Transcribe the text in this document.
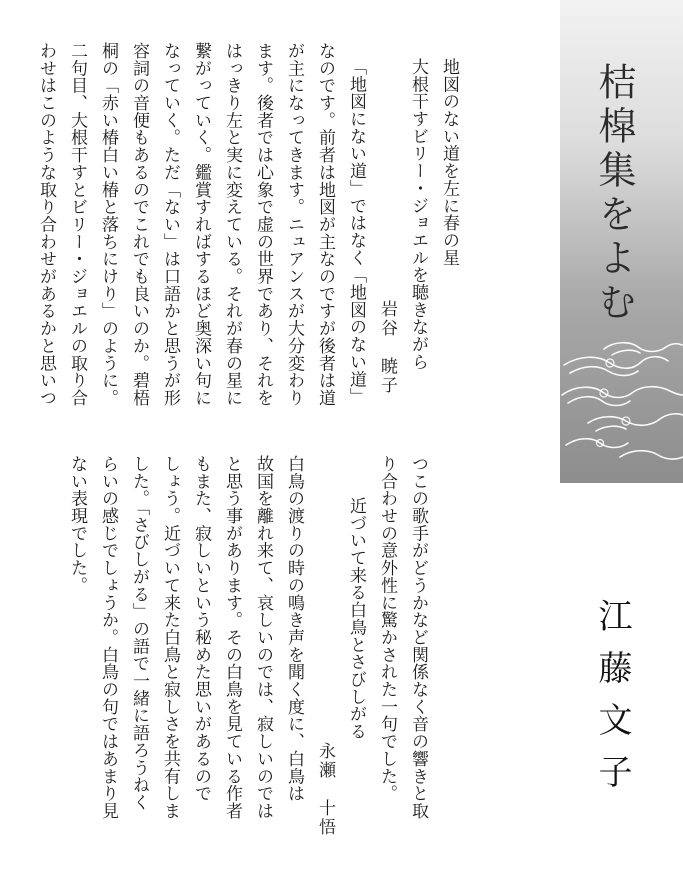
桔槹集をよむ
江藤文子
地図のない道を左に春の星
大根干すビリー・ジョエルを聴きながら
岩谷　暁子
「地図にない道」ではなく「地図のない道」
なのです。前者は地図が主なのですが後者は道
が主になってきます。ニュアンスが大分変わり
ます。後者では心象で虚の世界であり、それを
はっきり左と実に変えている。それが春の星に
繋がっていく。鑑賞すればするほど奥深い句に
なっていく。ただ「ない」は口語かと思うが形
容詞の音便もあるのでこれでも良いのか。碧梧
桐の「赤い椿白い椿と落ちにけり」のように。
二句目、大根干すとビリー・ジョエルの取り合
わせはこのような取り合わせがあるかと思いつ
つこの歌手がどうかなど関係なく音の響きと取
り合わせの意外性に驚かされた一句でした。
近づいて来る白鳥とさびしがる
永瀬　十悟
白鳥の渡りの時の鳴き声を聞く度に、白鳥は
故国を離れ来て、哀しいのでは、寂しいのでは
と思う事があります。その白鳥を見ている作者
もまた、寂しいという秘めた思いがあるので
しょう。近づいて来た白鳥と寂しさを共有しま
した。「さびしがる」の語で一緒に語ろうねく
らいの感じでしょうか。白鳥の句ではあまり見
ない表現でした。
